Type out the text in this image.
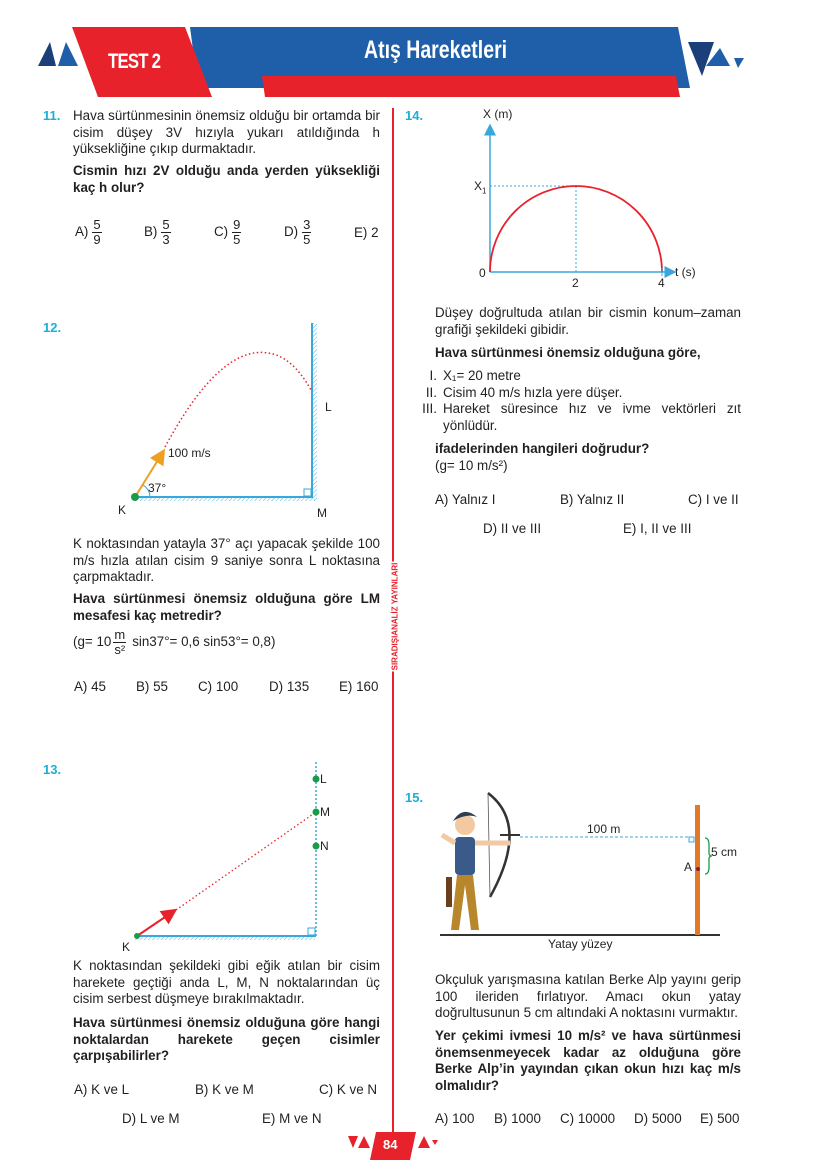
TEST 2	Atış Hareketleri
SIRADIŞIANALİZ YAYINLARI
11. Hava sürtünmesinin önemsiz olduğu bir ortamda bir cisim düşey 3V hızıyla yukarı atıldığında h yüksekliğine çıkıp durmaktadır.
Cismin hızı 2V olduğu anda yerden yüksekliği kaç h olur?
$A) \frac{5}{9}$	$B) \frac{5}{3}$	$C) \frac{9}{5}$	$D) \frac{3}{5}$	E) 2
12.
K
L
M
100 m/s
37°
K noktasından yatayla 37° açı yapacak şekilde 100 m/s hızla atılan cisim 9 saniye sonra L noktasına çarpmaktadır.
Hava sürtünmesi önemsiz olduğuna göre LM mesafesi kaç metredir?
($g= 10 \frac{m}{\text{s²}} \sin 37^\circ= 0,6$ sin53°= 0,8)
A) 45 B) 55 C) 100 D) 135 E) 160
13.
K
L
M
N
K noktasından şekildeki gibi eğik atılan bir cisim harekete geçtiği anda L, M, N noktalarından üç cisim serbest düşmeye bırakılmaktadır.
Hava sürtünmesi önemsiz olduğuna göre hangi noktalardan harekete geçen cisimler çarpışabilirler?
A) K ve L	B) K ve M	C) K ve N
D) L ve M	E) M ve N
14.	X (m)
$X_1$
0
2	4
t (s)
Düşey doğrultuda atılan bir cismin konum–zaman grafiği şekildeki gibidir.
Hava sürtünmesi önemsiz olduğuna göre,
I. X₁= 20 metre
II. Cisim 40 m/s hızla yere düşer.
III. Hareket süresince hız ve ivme vektörleri zıt yönlüdür.
ifadelerinden hangileri doğrudur?
(g= 10 m/s²)
A) Yalnız I	B) Yalnız II	C) I ve II
D) II ve III	E) I, II ve III
15.
100 m
5 cm
A
Yatay yüzey
Okçuluk yarışmasına katılan Berke Alp yayını gerip 100 ileriden fırlatıyor. Amacı okun yatay doğrultusunun 5 cm altındaki A noktasını vurmaktır.
Yer çekimi ivmesi 10 m/s² ve hava sürtünmesi önemsenmeyecek kadar az olduğuna göre Berke Alp’in yayından çıkan okun hızı kaç m/s olmalıdır?
A) 100 B) 1000 C) 10000 D) 5000 E) 500
84
